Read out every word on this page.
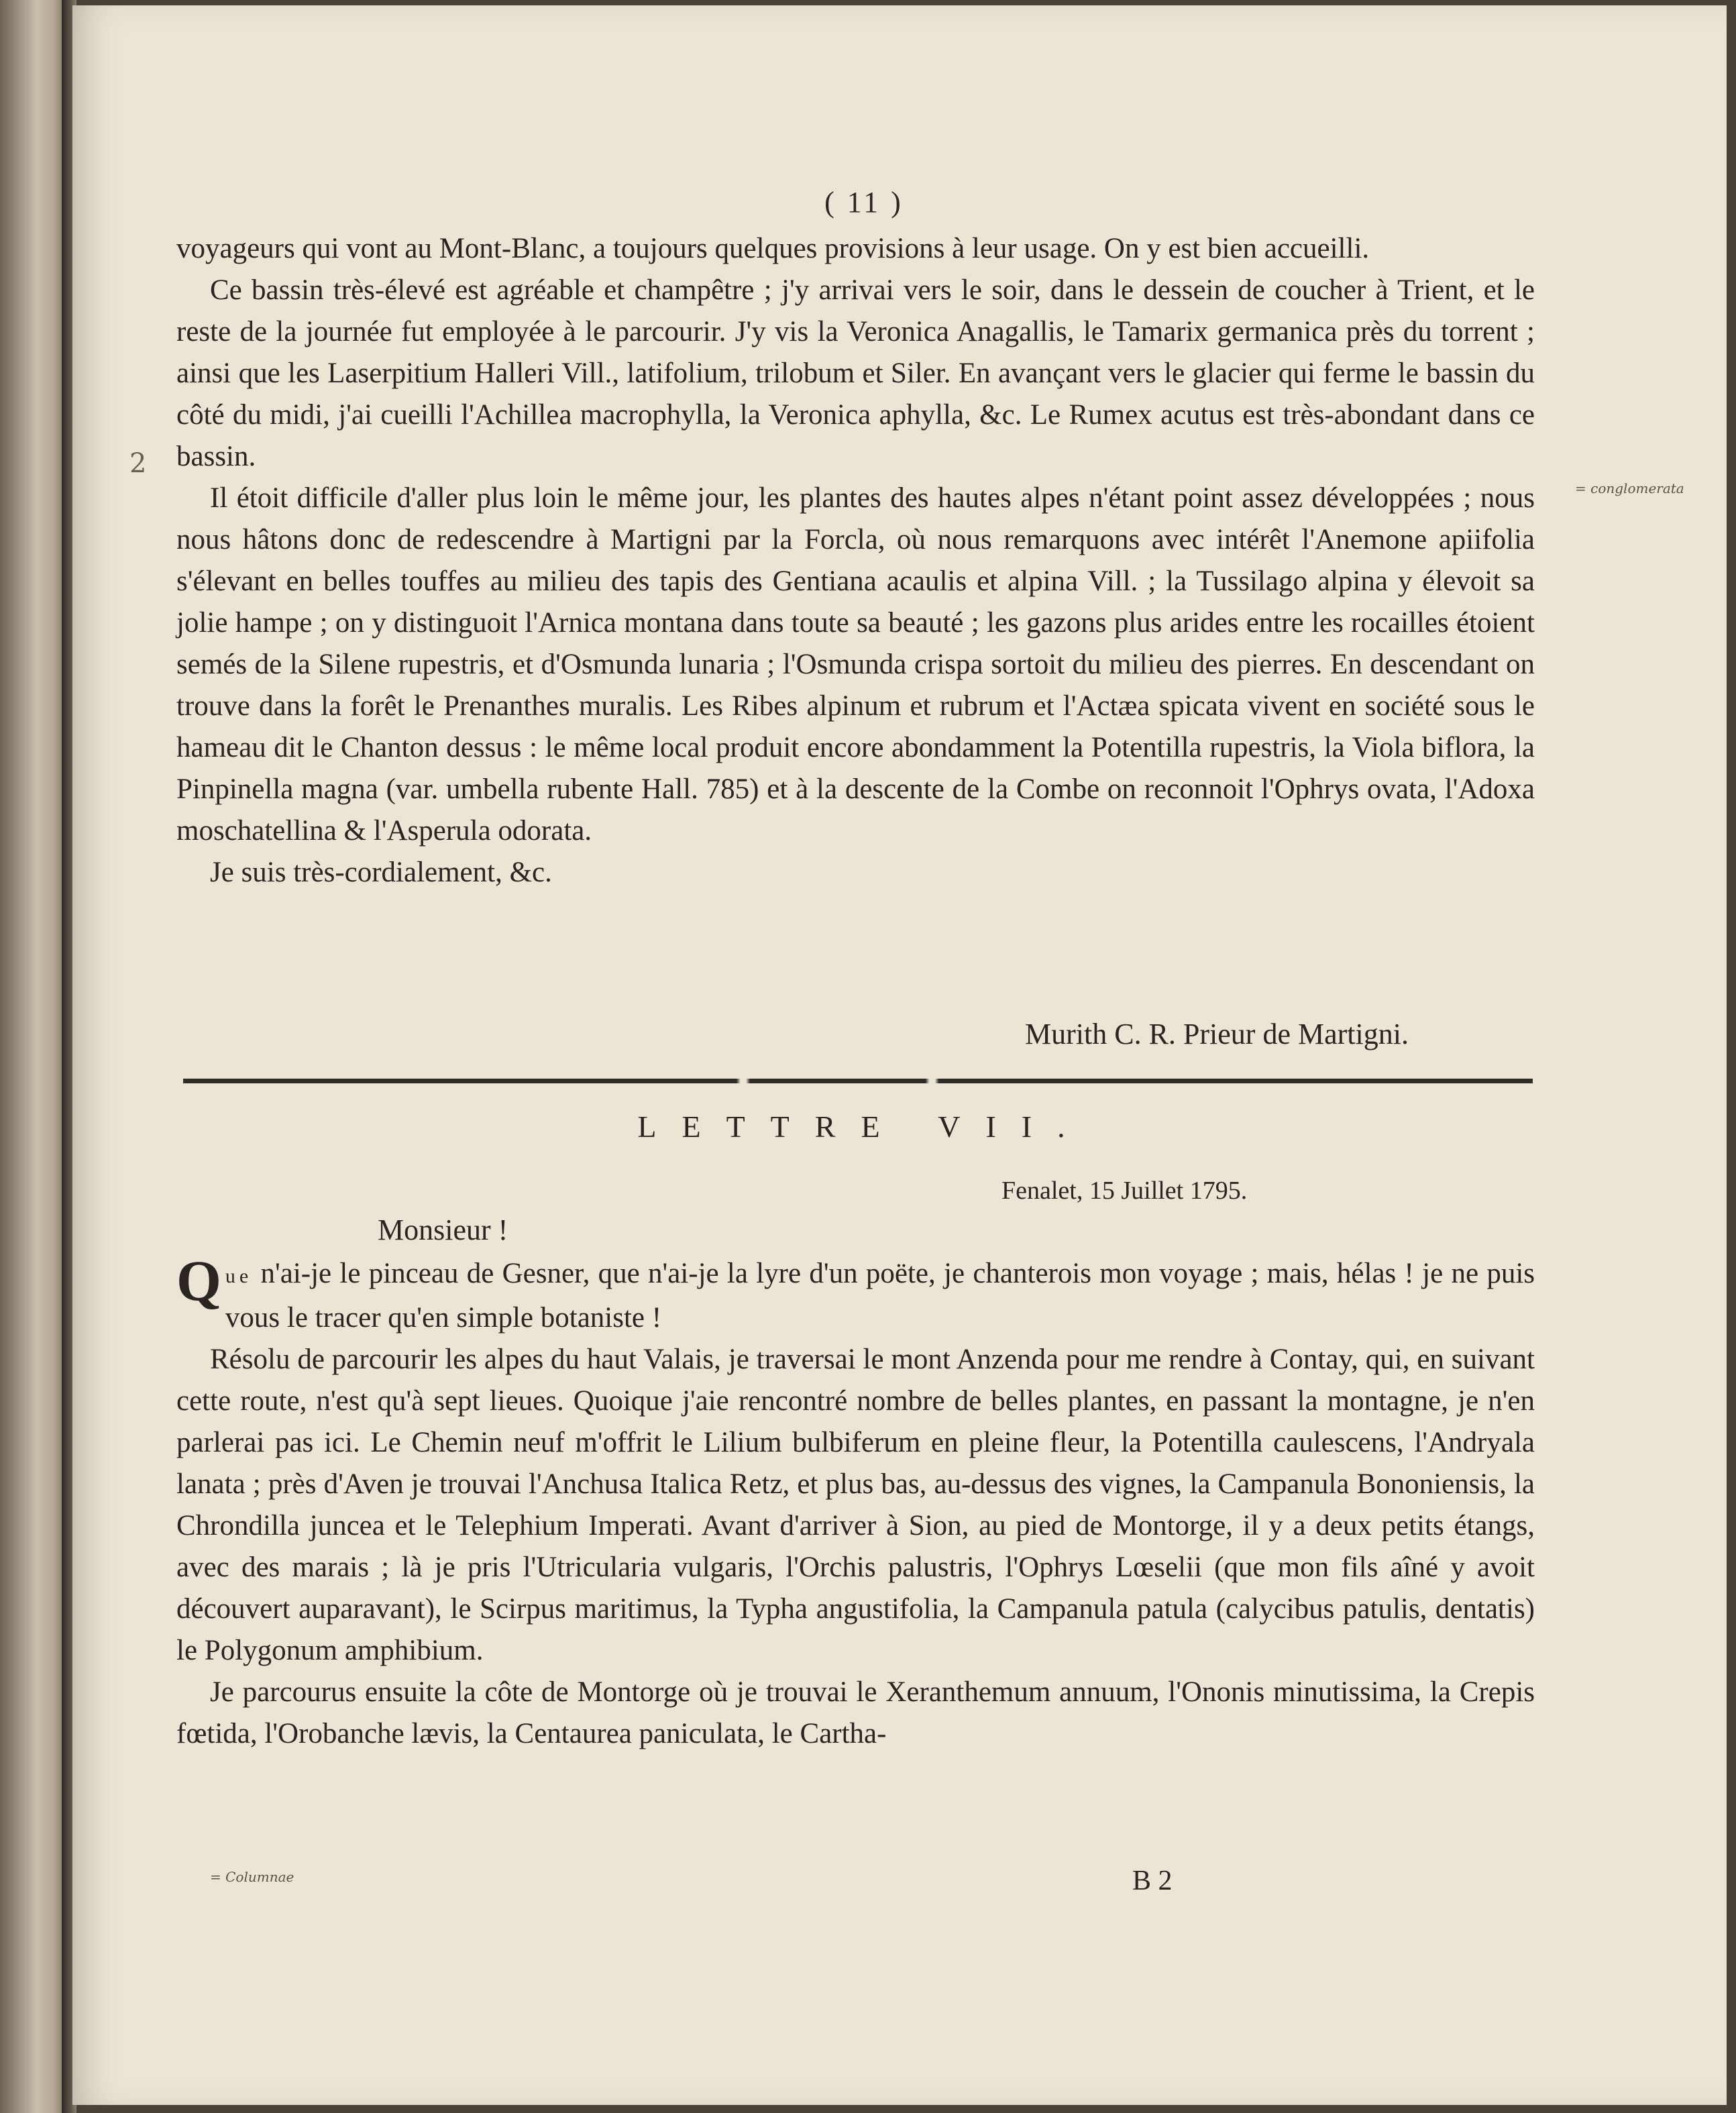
( 11 )
2

voyageurs qui vont au Mont-Blanc, a toujours quelques provisions à leur usage. On y est bien accueilli.

Ce bassin très-élevé est agréable et champêtre ; j'y arrivai vers le soir, dans le dessein de coucher à Trient, et le reste de la journée fut employée à le parcourir. J'y vis la Veronica Anagallis, le Tamarix germanica près du torrent ; ainsi que les Laserpitium Halleri Vill., latifolium, trilobum et Siler. En avançant vers le glacier qui ferme le bassin du côté du midi, j'ai cueilli l'Achillea macrophylla, la Veronica aphylla, &c. Le Rumex acutus est très-abondant dans ce bassin.

Il étoit difficile d'aller plus loin le même jour, les plantes des hautes alpes n'étant point assez développées ; nous nous hâtons donc de redescendre à Martigni par la Forcla, où nous remarquons avec intérêt l'Anemone apiifolia s'élevant en belles touffes au milieu des tapis des Gentiana acaulis et alpina Vill. ; la Tussilago alpina y élevoit sa jolie hampe ; on y distinguoit l'Arnica montana dans toute sa beauté ; les gazons plus arides entre les rocailles étoient semés de la Silene rupestris, et d'Osmunda lunaria ; l'Osmunda crispa sortoit du milieu des pierres. En descendant on trouve dans la forêt le Prenanthes muralis. Les Ribes alpinum et rubrum et l'Actæa spicata vivent en société sous le hameau dit le Chanton dessus : le même local produit encore abondamment la Potentilla rupestris, la Viola biflora, la Pinpinella magna (var. umbella rubente Hall. 785) et à la descente de la Combe on reconnoit l'Ophrys ovata, l'Adoxa moschatellina & l'Asperula odorata.

Je suis très-cordialement, &c.

= conglomerata
Murith C. R. Prieur de Martigni.
LETTRE VII.
Fenalet, 15 Juillet 1795.
Monsieur !

Que n'ai-je le pinceau de Gesner, que n'ai-je la lyre d'un poëte, je chanterois mon voyage ; mais, hélas ! je ne puis vous le tracer qu'en simple botaniste !

Résolu de parcourir les alpes du haut Valais, je traversai le mont Anzenda pour me rendre à Contay, qui, en suivant cette route, n'est qu'à sept lieues. Quoique j'aie rencontré nombre de belles plantes, en passant la montagne, je n'en parlerai pas ici. Le Chemin neuf m'offrit le Lilium bulbiferum en pleine fleur, la Potentilla caulescens, l'Andryala lanata ; près d'Aven je trouvai l'Anchusa Italica Retz, et plus bas, au-dessus des vignes, la Campanula Bononiensis, la Chrondilla juncea et le Telephium Imperati. Avant d'arriver à Sion, au pied de Montorge, il y a deux petits étangs, avec des marais ; là je pris l'Utricularia vulgaris, l'Orchis palustris, l'Ophrys Lœselii (que mon fils aîné y avoit découvert auparavant), le Scirpus maritimus, la Typha angustifolia, la Campanula patula (calycibus patulis, dentatis) le Polygonum amphibium.

Je parcourus ensuite la côte de Montorge où je trouvai le Xeranthemum annuum, l'Ononis minutissima, la Crepis fœtida, l'Orobanche lævis, la Centaurea paniculata, le Cartha-

= Columnae	B 2
